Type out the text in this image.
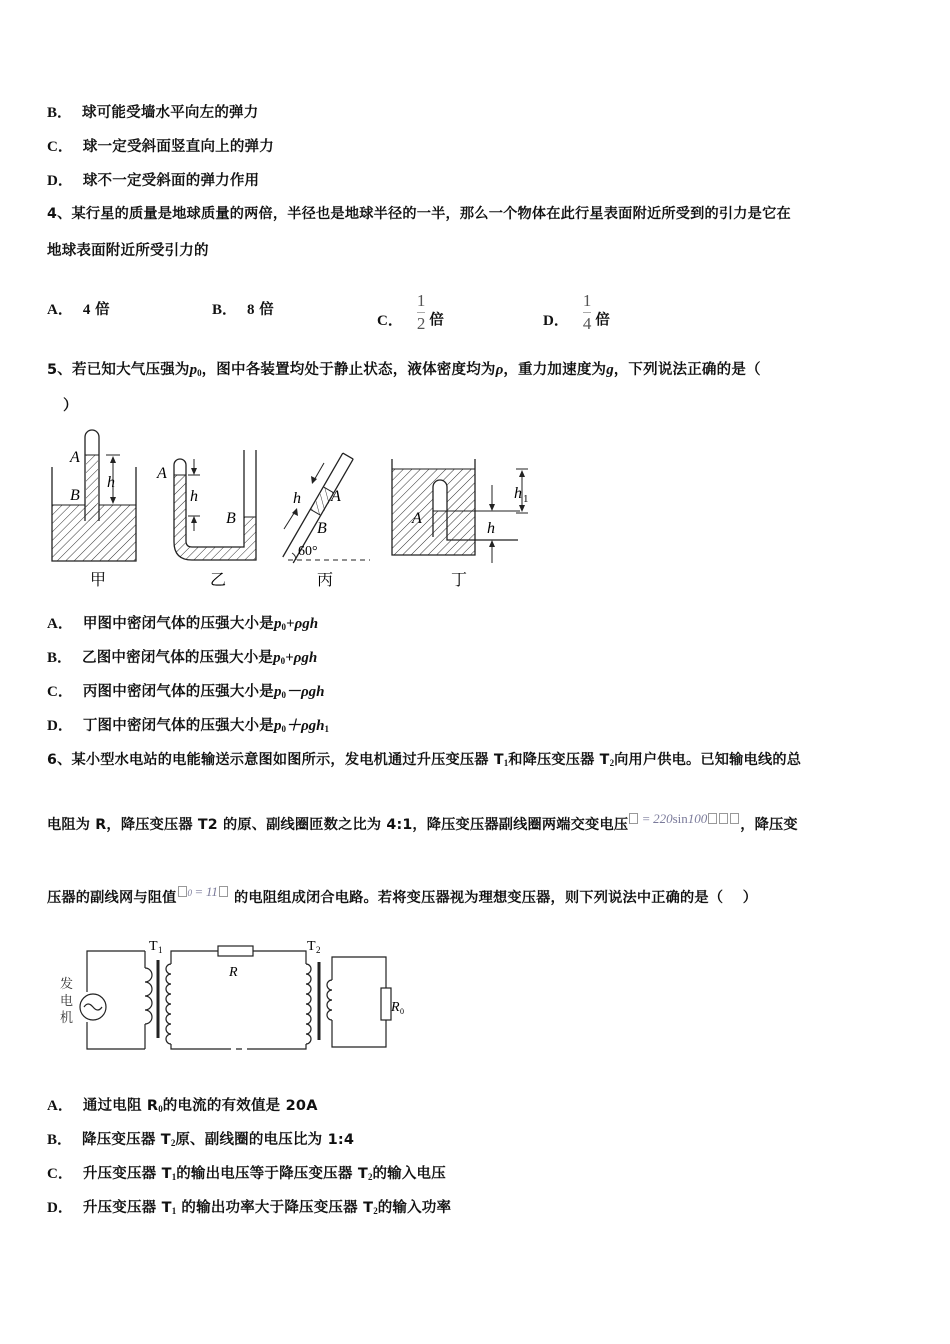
B． 球可能受墙水平向左的弹力
C． 球一定受斜面竖直向上的弹力
D． 球不一定受斜面的弹力作用
4、某行星的质量是地球质量的两倍，半径也是地球半径的一半，那么一个物体在此行星表面附近所受到的引力是它在
地球表面附近所受引力的
A． 4 倍	B． 8 倍
C． $\frac{1}{2}$ 倍	D． $\frac{1}{4}$ 倍
5、若已知大气压强为$p_0$，图中各装置均处于静止状态，液体密度均为ρ，重力加速度为g，下列说法正确的是（
）
A
B
h
甲
A
B
h
乙
60°
h A
B
丙
A
h
h 1
丁
A． 甲图中密闭气体的压强大小是$p_0+\rho gh$
B． 乙图中密闭气体的压强大小是$p_0+\rho gh$
C． 丙图中密闭气体的压强大小是$p_0-\rho gh$
D． 丁图中密闭气体的压强大小是$p_0+\rho gh_1$
6、某小型水电站的电能输送示意图如图所示，发电机通过升压变压器 $T_1$和降压变压器 $T_2$向用户供电。已知输电线的总
电阻为 R，降压变压器 T2 的原、副线圈匝数之比为 4:1，降压变压器副线圈两端交变电压 = 220sin100 ，降压变
压器的副线网与阻值 0 = 11 的电阻组成闭合电路。若将变压器视为理想变压器，则下列说法中正确的是（　 ）
发
电
机
T 1
R
T 2
R 0
A． 通过电阻 $R_0$的电流的有效值是 20A
B． 降压变压器 $T_2$原、副线圈的电压比为 1:4
C． 升压变压器 $T_1$的输出电压等于降压变压器 $T_2$的输入电压
D． 升压变压器 $T_1$ 的输出功率大于降压变压器 $T_2$的输入功率
